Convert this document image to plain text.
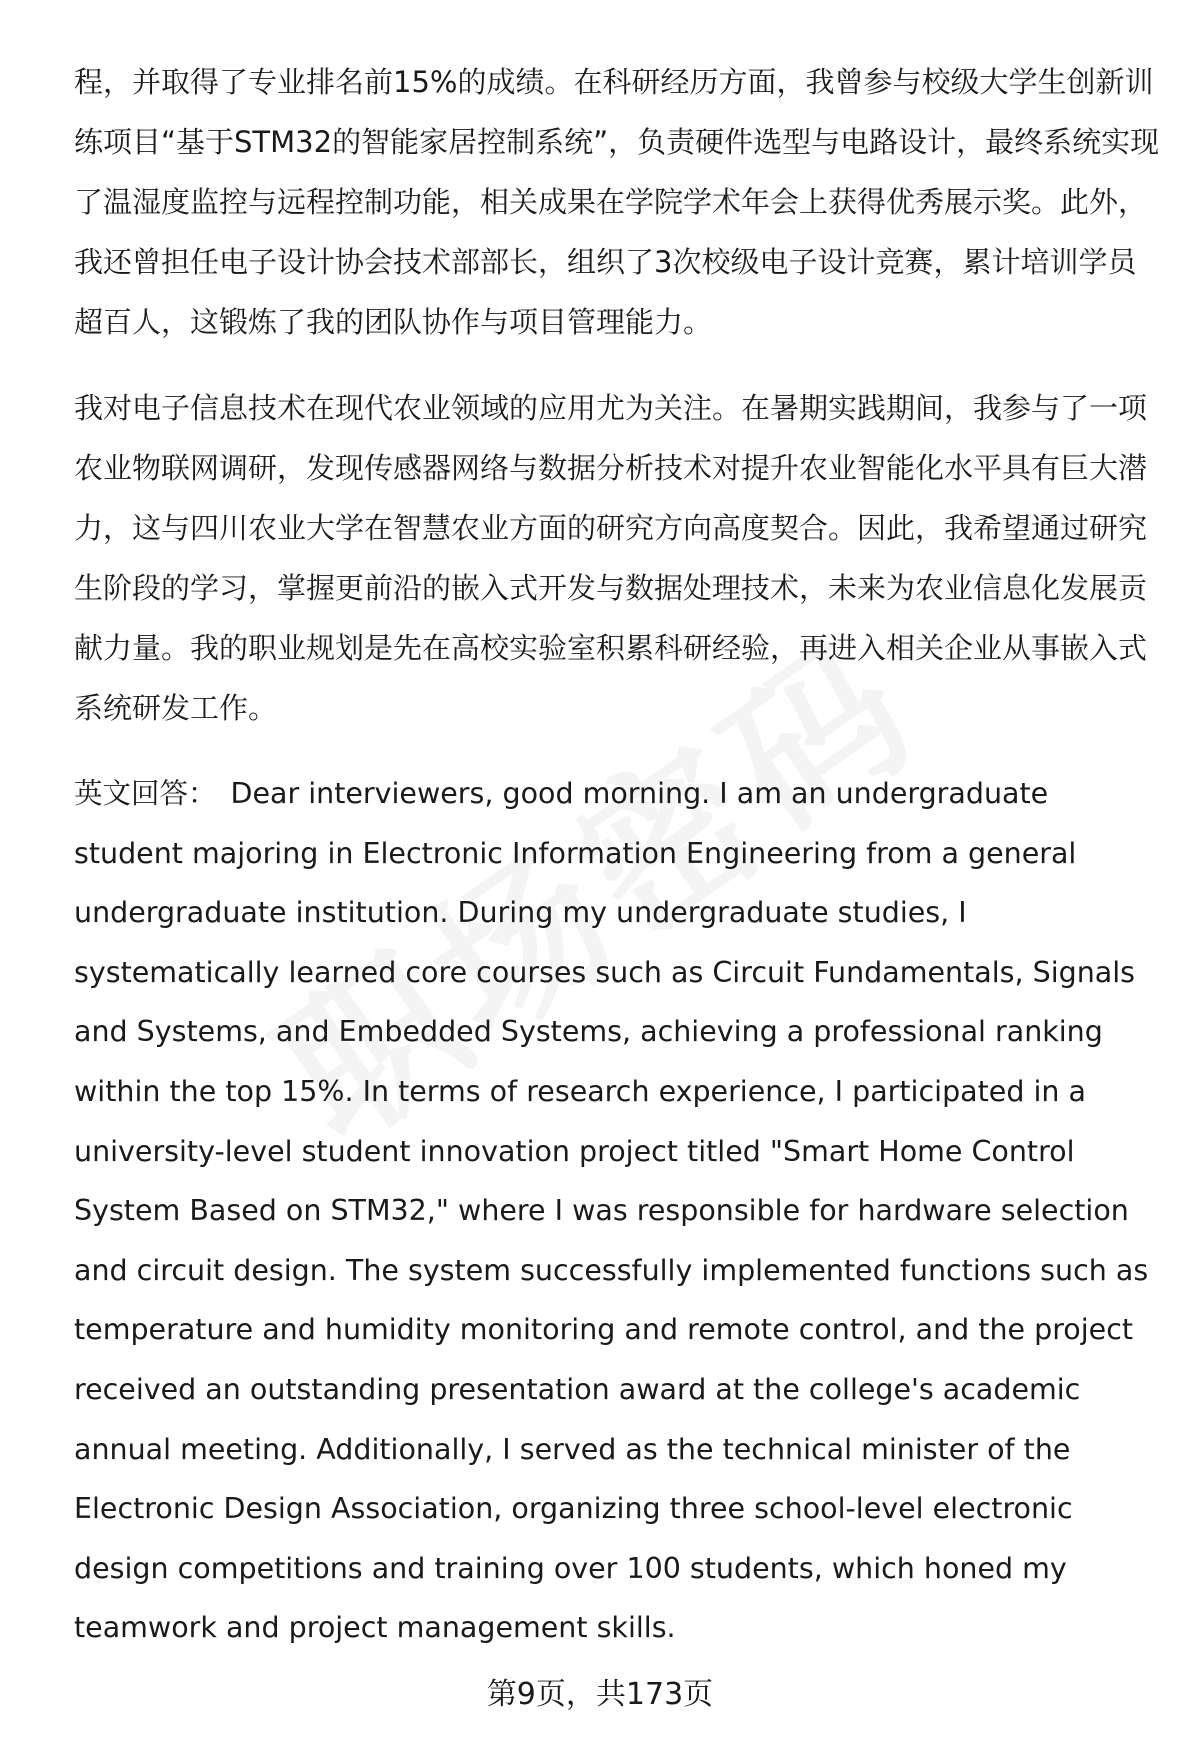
程，并取得了专业排名前15%的成绩。在科研经历方面，我曾参与校级大学生创新训练项目“基于STM32的智能家居控制系统”，负责硬件选型与电路设计，最终系统实现了温湿度监控与远程控制功能，相关成果在学院学术年会上获得优秀展示奖。此外，我还曾担任电子设计协会技术部部长，组织了3次校级电子设计竞赛，累计培训学员超百人，这锻炼了我的团队协作与项目管理能力。

我对电子信息技术在现代农业领域的应用尤为关注。在暑期实践期间，我参与了一项农业物联网调研，发现传感器网络与数据分析技术对提升农业智能化水平具有巨大潜力，这与四川农业大学在智慧农业方面的研究方向高度契合。因此，我希望通过研究生阶段的学习，掌握更前沿的嵌入式开发与数据处理技术，未来为农业信息化发展贡献力量。我的职业规划是先在高校实验室积累科研经验，再进入相关企业从事嵌入式系统研发工作。

英文回答： Dear interviewers, good morning. I am an undergraduate student majoring in Electronic Information Engineering from a general undergraduate institution. During my undergraduate studies, I systematically learned core courses such as Circuit Fundamentals, Signals and Systems, and Embedded Systems, achieving a professional ranking within the top 15%. In terms of research experience, I participated in a university-level student innovation project titled "Smart Home Control System Based on STM32," where I was responsible for hardware selection and circuit design. The system successfully implemented functions such as temperature and humidity monitoring and remote control, and the project received an outstanding presentation award at the college's academic annual meeting. Additionally, I served as the technical minister of the Electronic Design Association, organizing three school-level electronic design competitions and training over 100 students, which honed my teamwork and project management skills.

第9页，共173页
